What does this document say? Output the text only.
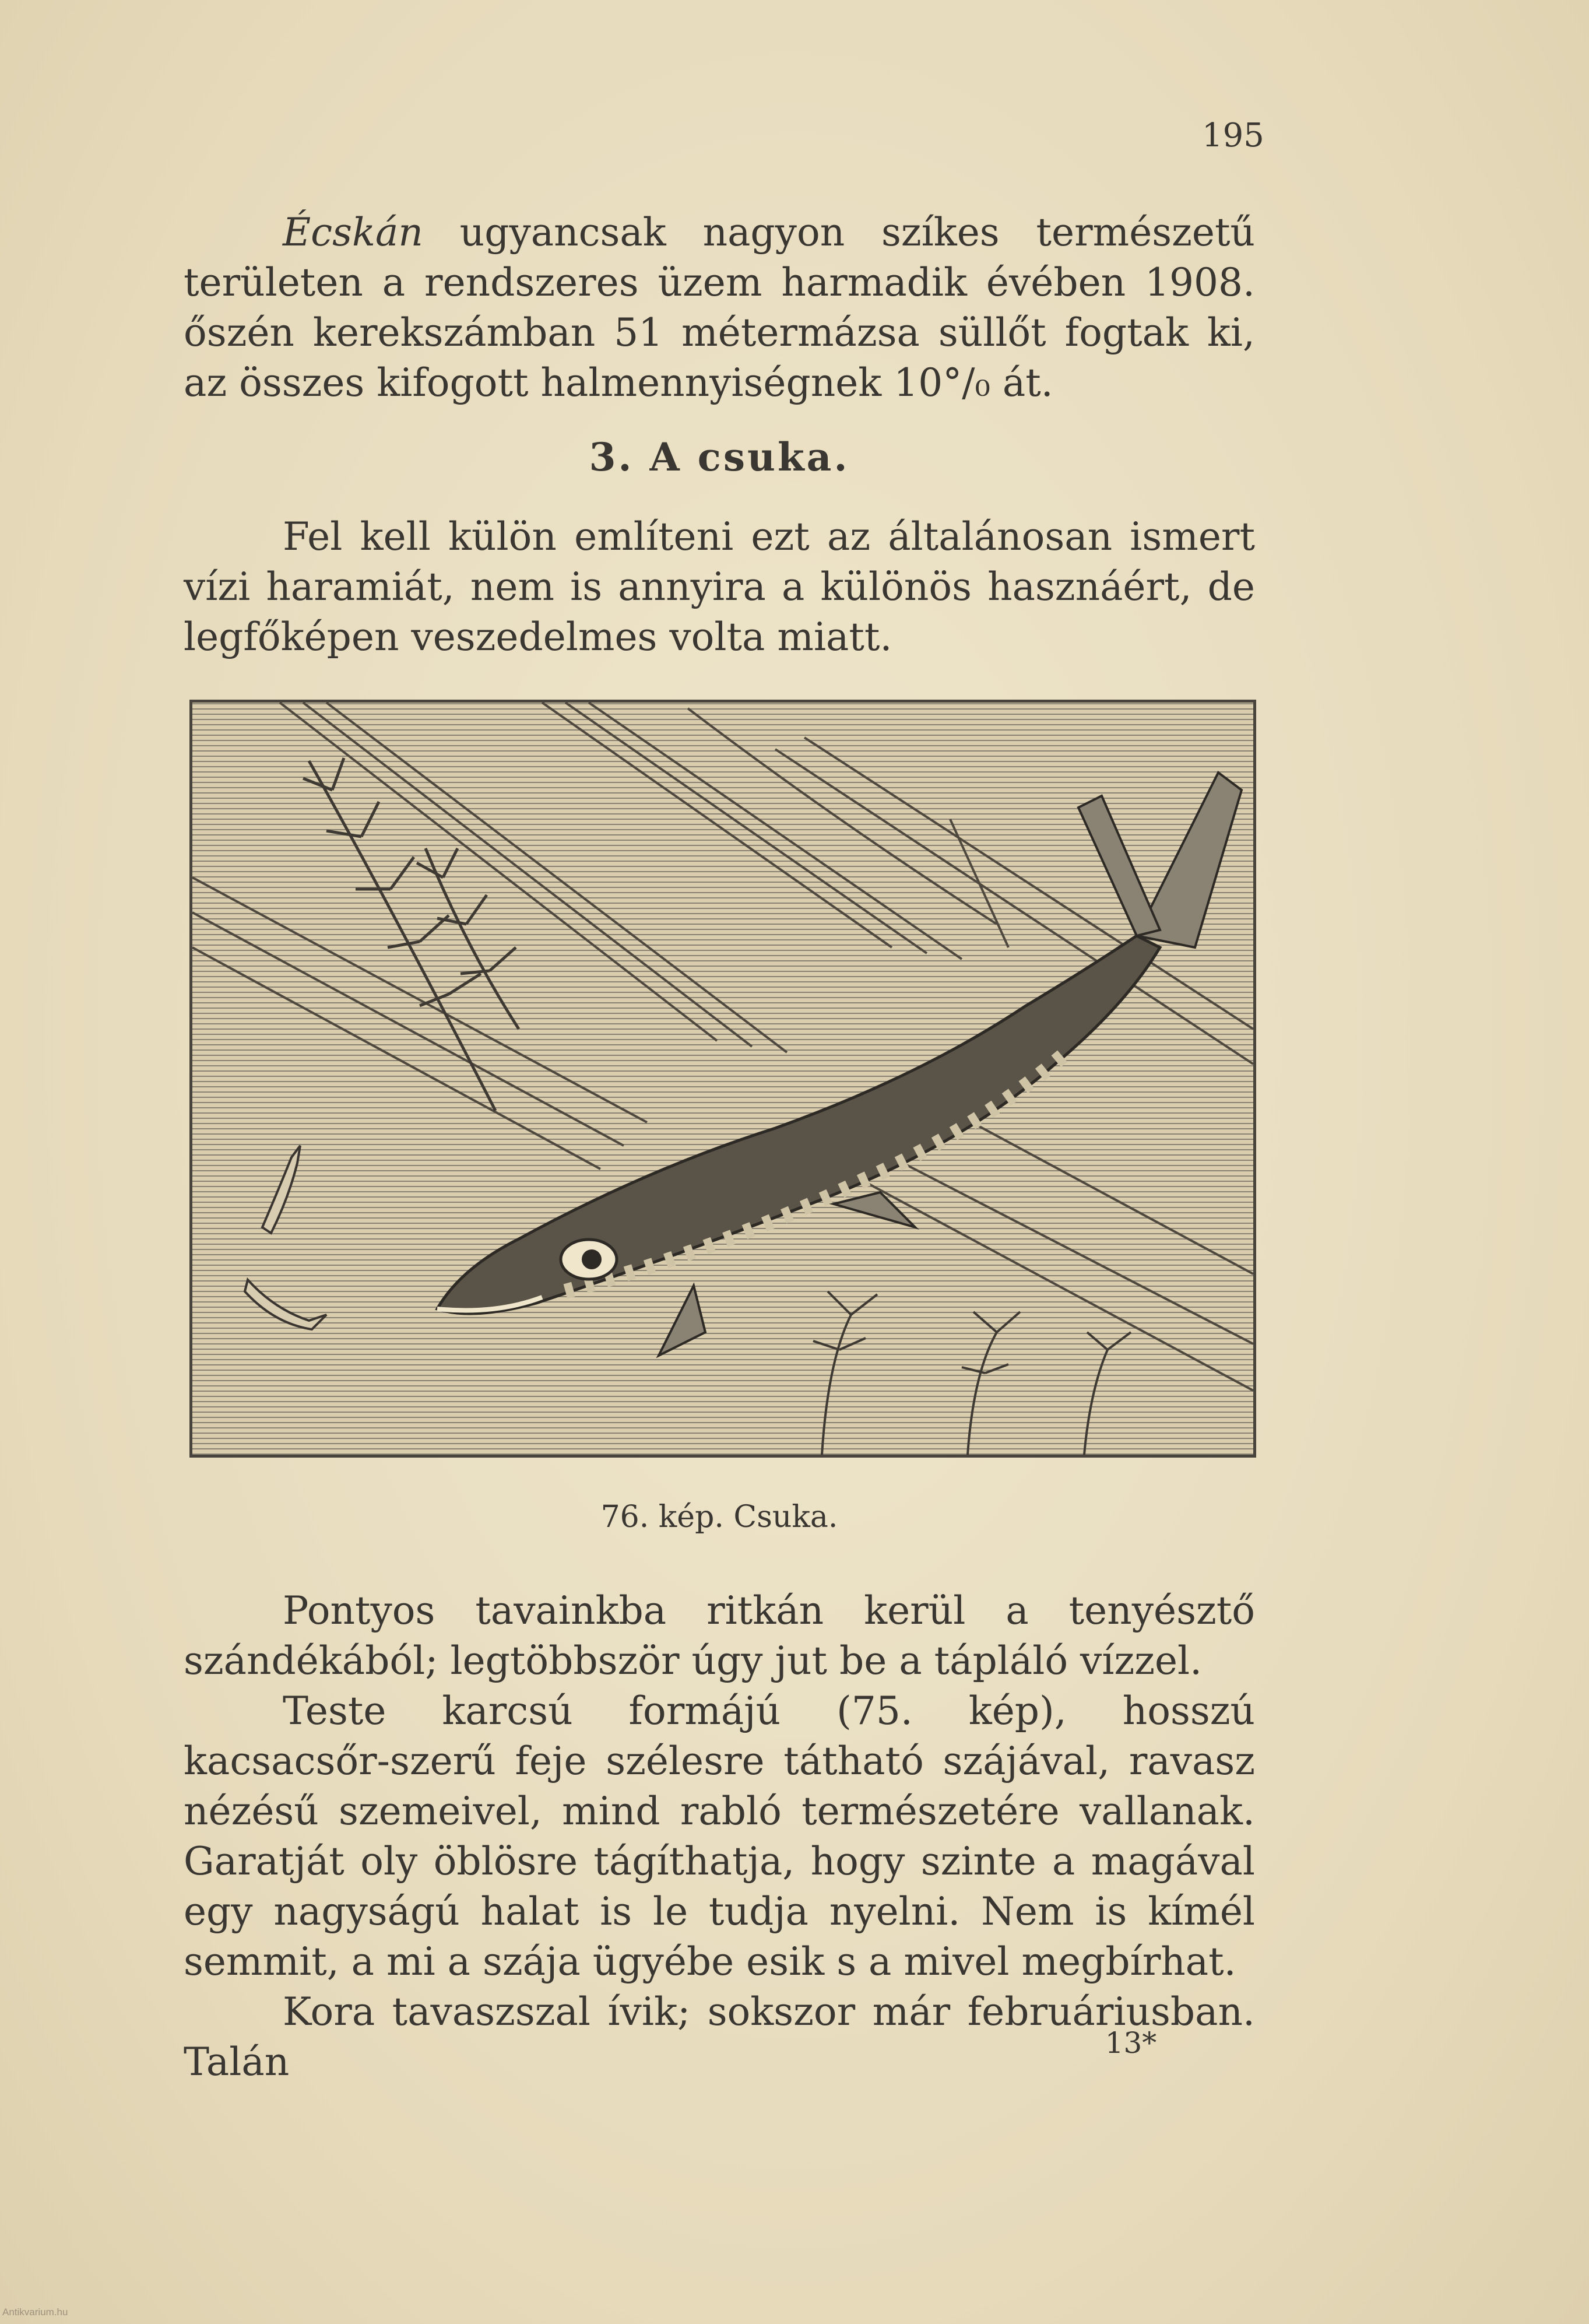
195

Écskán ugyancsak nagyon szíkes természetű területen a rendszeres üzem harmadik évében 1908. őszén kerekszámban 51 métermázsa süllőt fogtak ki, az összes kifogott halmennyiségnek 10°/₀ át.

3. A csuka.

Fel kell külön említeni ezt az általánosan ismert vízi haramiát, nem is annyira a különös hasznáért, de legfőképen veszedelmes volta miatt.

76. kép. Csuka.

Pontyos tavainkba ritkán kerül a tenyésztő szándékából; legtöbbször úgy jut be a tápláló vízzel.

Teste karcsú formájú (75. kép), hosszú kacsacsőr-szerű feje szélesre tátható szájával, ravasz nézésű szemeivel, mind rabló természetére vallanak. Garatját oly öblösre tágíthatja, hogy szinte a magával egy nagyságú halat is le tudja nyelni. Nem is kímél semmit, a mi a szája ügyébe esik s a mivel megbírhat.

Kora tavaszszal ívik; sokszor már februáriusban. Talán	13*
Antikvarium.hu
